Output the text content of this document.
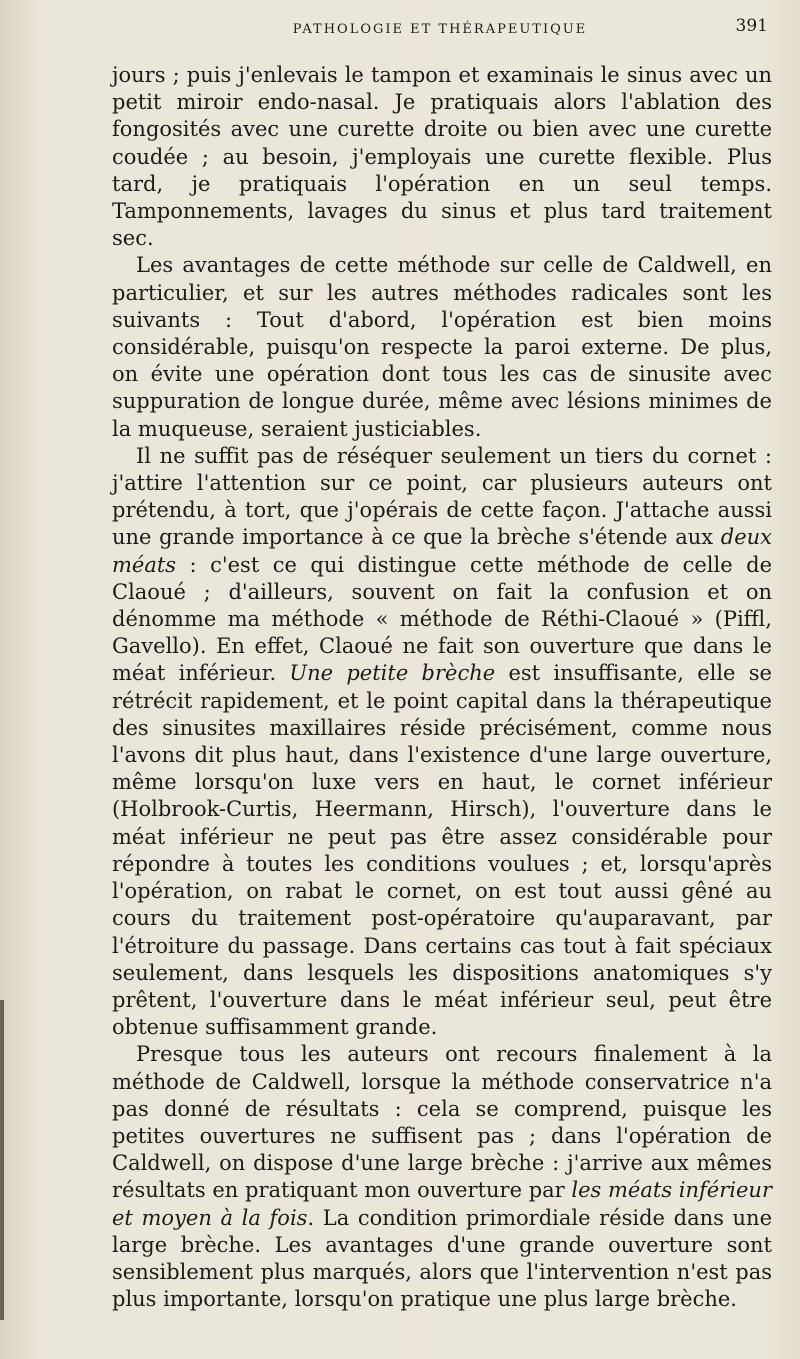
PATHOLOGIE ET THÉRAPEUTIQUE	391

jours ; puis j'enlevais le tampon et examinais le sinus avec un petit miroir endo-nasal. Je pratiquais alors l'ablation des fongosités avec une curette droite ou bien avec une curette coudée ; au besoin, j'employais une curette flexible. Plus tard, je pratiquais l'opération en un seul temps. Tamponnements, lavages du sinus et plus tard traitement sec.

Les avantages de cette méthode sur celle de Caldwell, en particulier, et sur les autres méthodes radicales sont les suivants : Tout d'abord, l'opération est bien moins considérable, puisqu'on respecte la paroi externe. De plus, on évite une opération dont tous les cas de sinusite avec suppuration de longue durée, même avec lésions minimes de la muqueuse, seraient justiciables.

Il ne suffit pas de réséquer seulement un tiers du cornet : j'attire l'attention sur ce point, car plusieurs auteurs ont prétendu, à tort, que j'opérais de cette façon. J'attache aussi une grande importance à ce que la brèche s'étende aux deux méats : c'est ce qui distingue cette méthode de celle de Claoué ; d'ailleurs, souvent on fait la confusion et on dénomme ma méthode « méthode de Réthi-Claoué » (Piffl, Gavello). En effet, Claoué ne fait son ouverture que dans le méat inférieur. Une petite brèche est insuffisante, elle se rétrécit rapidement, et le point capital dans la thérapeutique des sinusites maxillaires réside précisément, comme nous l'avons dit plus haut, dans l'existence d'une large ouverture, même lorsqu'on luxe vers en haut, le cornet inférieur (Holbrook-Curtis, Heermann, Hirsch), l'ouverture dans le méat inférieur ne peut pas être assez considérable pour répondre à toutes les conditions voulues ; et, lorsqu'après l'opération, on rabat le cornet, on est tout aussi gêné au cours du traitement post-opératoire qu'auparavant, par l'étroiture du passage. Dans certains cas tout à fait spéciaux seulement, dans lesquels les dispositions anatomiques s'y prêtent, l'ouverture dans le méat inférieur seul, peut être obtenue suffisamment grande.

Presque tous les auteurs ont recours finalement à la méthode de Caldwell, lorsque la méthode conservatrice n'a pas donné de résultats : cela se comprend, puisque les petites ouvertures ne suffisent pas ; dans l'opération de Caldwell, on dispose d'une large brèche : j'arrive aux mêmes résultats en pratiquant mon ouverture par les méats inférieur et moyen à la fois. La condition primordiale réside dans une large brèche. Les avantages d'une grande ouverture sont sensiblement plus marqués, alors que l'intervention n'est pas plus importante, lorsqu'on pratique une plus large brèche.
